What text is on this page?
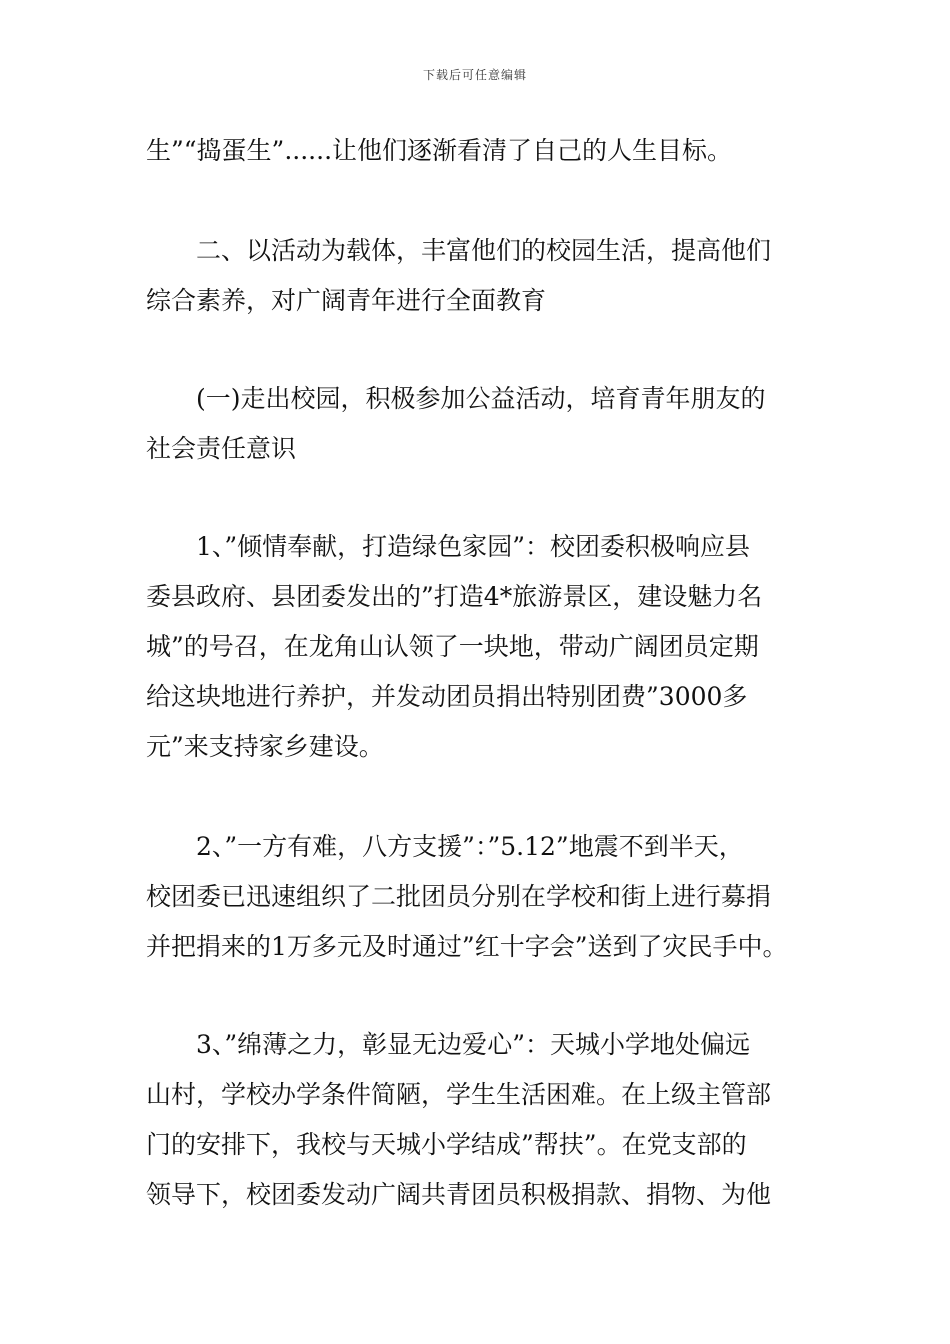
下载后可任意编辑
生”“捣蛋生”......让他们逐渐看清了自己的人生目标。
二、以活动为载体，丰富他们的校园生活，提高他们
综合素养，对广阔青年进行全面教育
(一)走出校园，积极参加公益活动，培育青年朋友的
社会责任意识
1、”倾情奉献，打造绿色家园”：校团委积极响应县
委县政府、县团委发出的”打造4*旅游景区，建设魅力名
城”的号召，在龙角山认领了一块地，带动广阔团员定期
给这块地进行养护，并发动团员捐出特别团费”3000多
元”来支持家乡建设。
2、”一方有难，八方支援”：”5.12”地震不到半天，
校团委已迅速组织了二批团员分别在学校和街上进行募捐
并把捐来的1万多元及时通过”红十字会”送到了灾民手中。
3、”绵薄之力，彰显无边爱心”：天城小学地处偏远
山村，学校办学条件简陋，学生生活困难。在上级主管部
门的安排下，我校与天城小学结成”帮扶”。在党支部的
领导下，校团委发动广阔共青团员积极捐款、捐物、为他
